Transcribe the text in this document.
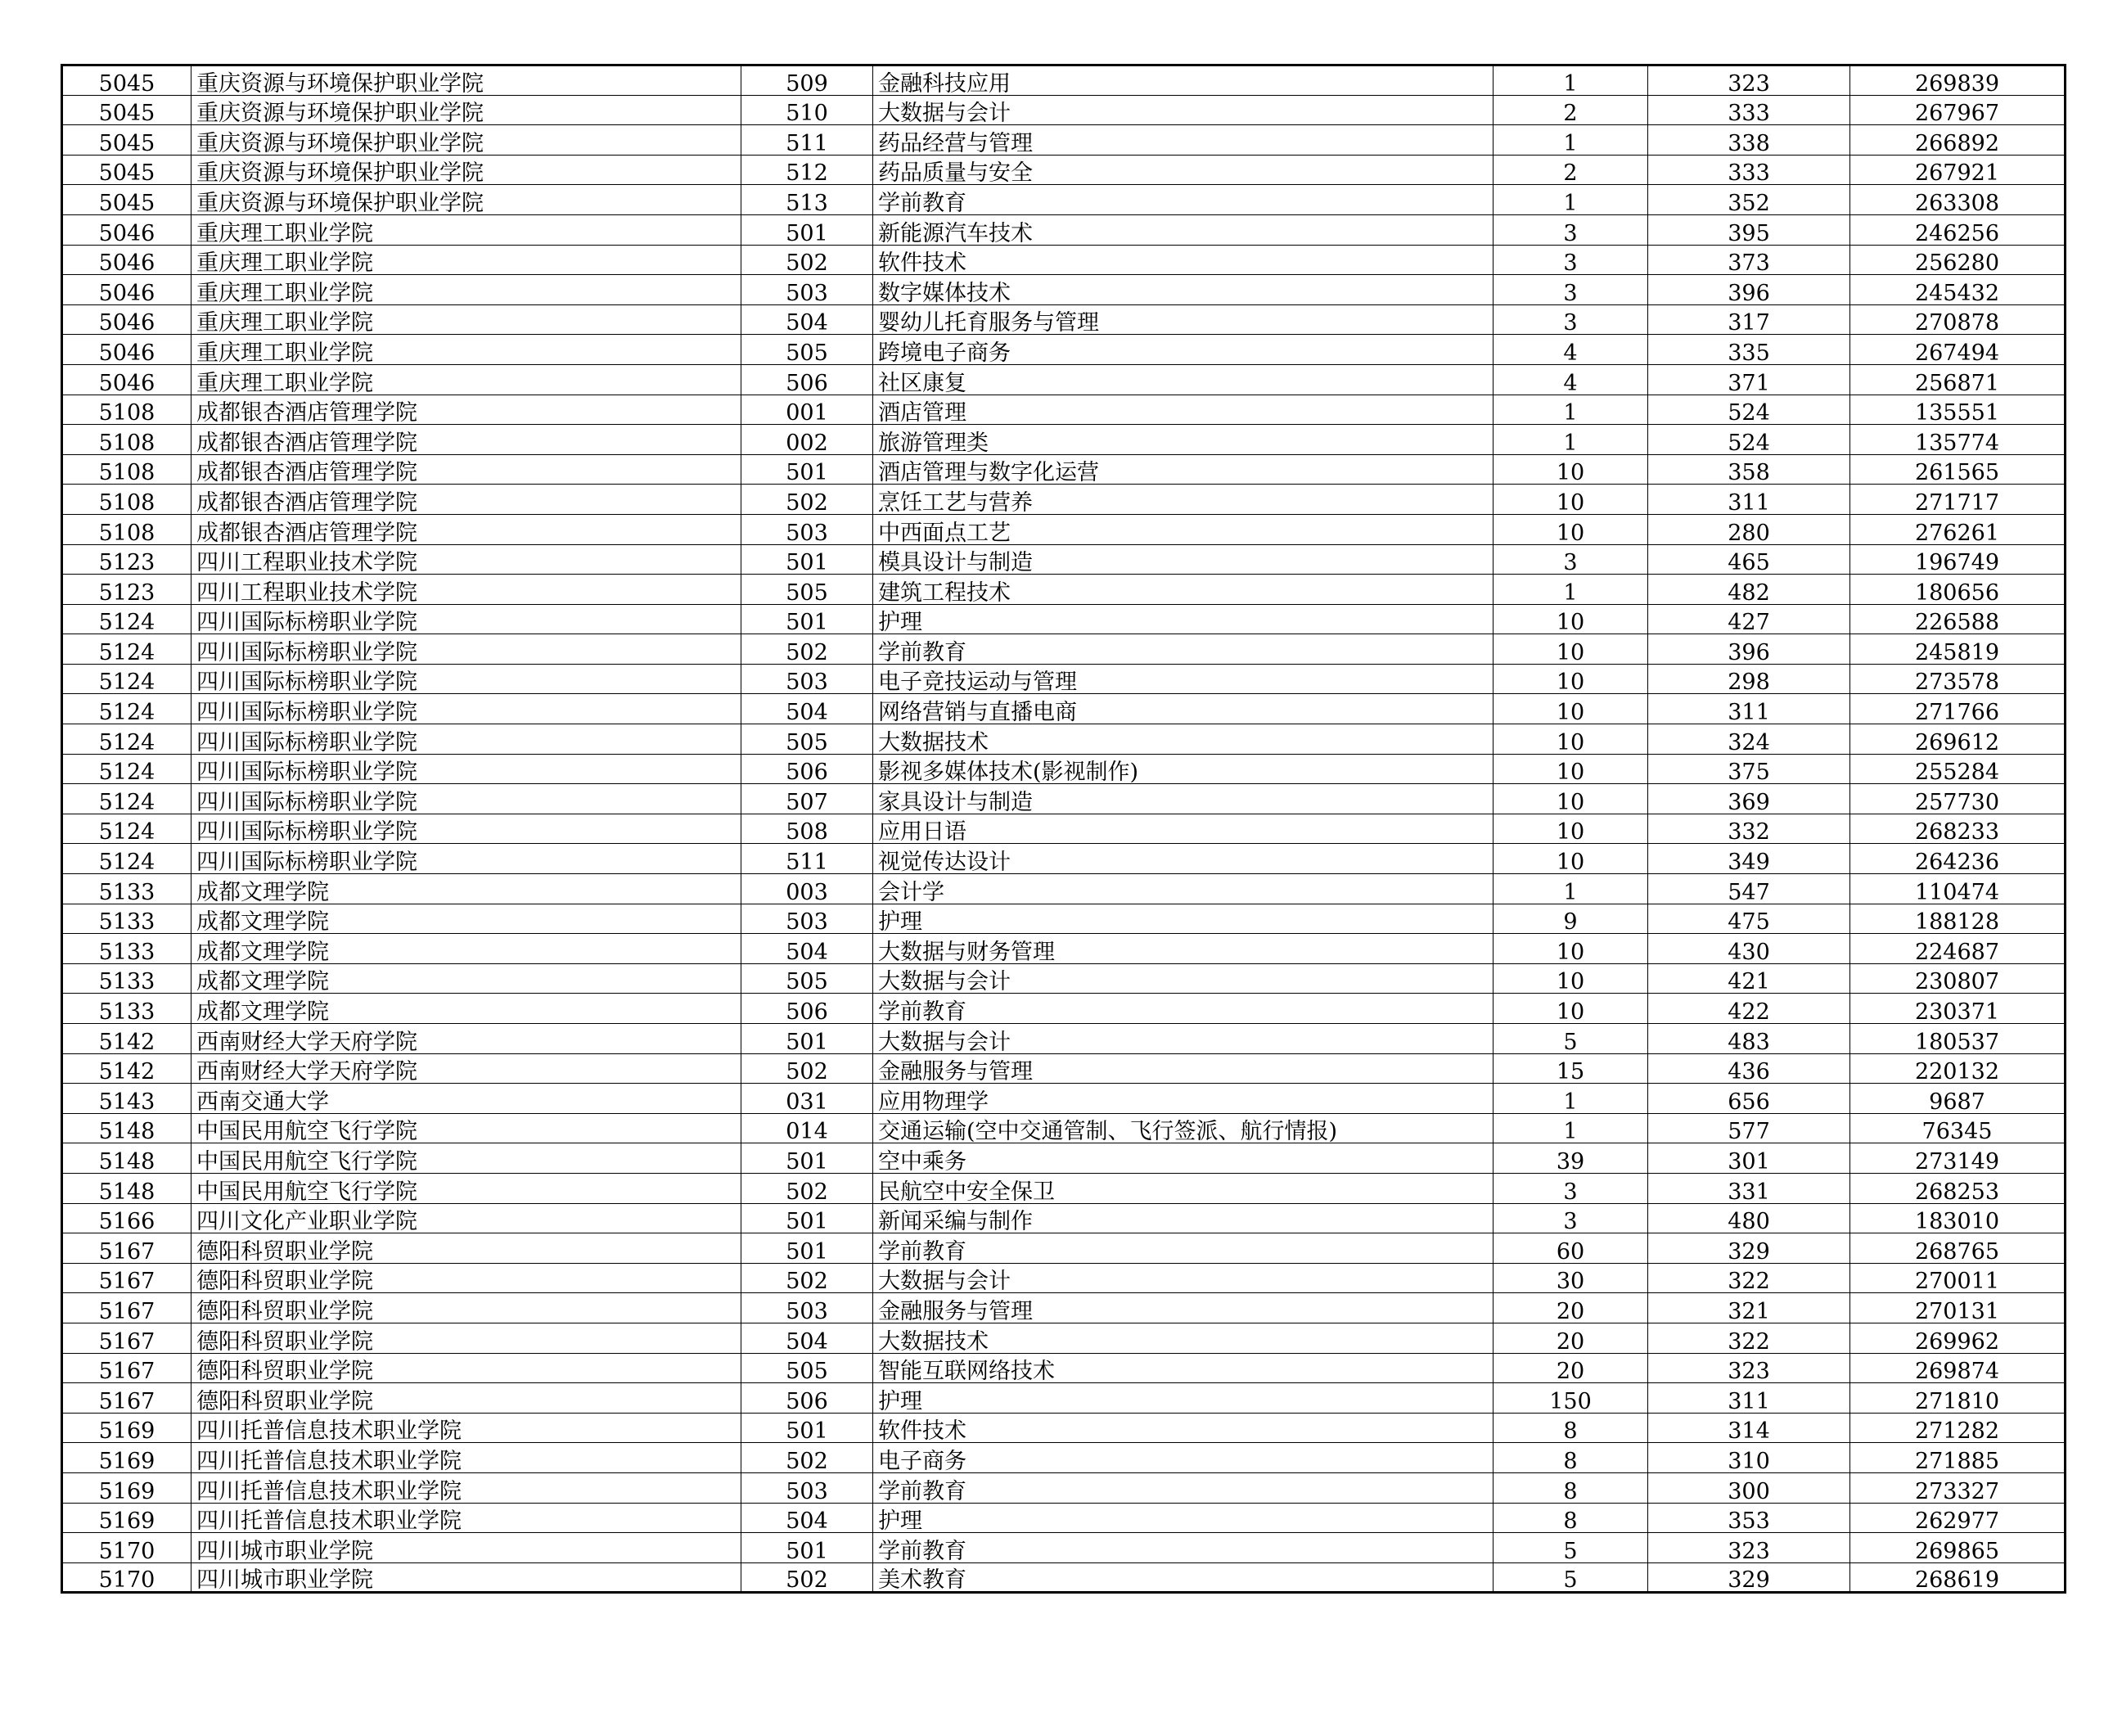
5045	重庆资源与环境保护职业学院	509	金融科技应用	1	323	269839
5045	重庆资源与环境保护职业学院	510	大数据与会计	2	333	267967
5045	重庆资源与环境保护职业学院	511	药品经营与管理	1	338	266892
5045	重庆资源与环境保护职业学院	512	药品质量与安全	2	333	267921
5045	重庆资源与环境保护职业学院	513	学前教育	1	352	263308
5046	重庆理工职业学院	501	新能源汽车技术	3	395	246256
5046	重庆理工职业学院	502	软件技术	3	373	256280
5046	重庆理工职业学院	503	数字媒体技术	3	396	245432
5046	重庆理工职业学院	504	婴幼儿托育服务与管理	3	317	270878
5046	重庆理工职业学院	505	跨境电子商务	4	335	267494
5046	重庆理工职业学院	506	社区康复	4	371	256871
5108	成都银杏酒店管理学院	001	酒店管理	1	524	135551
5108	成都银杏酒店管理学院	002	旅游管理类	1	524	135774
5108	成都银杏酒店管理学院	501	酒店管理与数字化运营	10	358	261565
5108	成都银杏酒店管理学院	502	烹饪工艺与营养	10	311	271717
5108	成都银杏酒店管理学院	503	中西面点工艺	10	280	276261
5123	四川工程职业技术学院	501	模具设计与制造	3	465	196749
5123	四川工程职业技术学院	505	建筑工程技术	1	482	180656
5124	四川国际标榜职业学院	501	护理	10	427	226588
5124	四川国际标榜职业学院	502	学前教育	10	396	245819
5124	四川国际标榜职业学院	503	电子竞技运动与管理	10	298	273578
5124	四川国际标榜职业学院	504	网络营销与直播电商	10	311	271766
5124	四川国际标榜职业学院	505	大数据技术	10	324	269612
5124	四川国际标榜职业学院	506	影视多媒体技术(影视制作)	10	375	255284
5124	四川国际标榜职业学院	507	家具设计与制造	10	369	257730
5124	四川国际标榜职业学院	508	应用日语	10	332	268233
5124	四川国际标榜职业学院	511	视觉传达设计	10	349	264236
5133	成都文理学院	003	会计学	1	547	110474
5133	成都文理学院	503	护理	9	475	188128
5133	成都文理学院	504	大数据与财务管理	10	430	224687
5133	成都文理学院	505	大数据与会计	10	421	230807
5133	成都文理学院	506	学前教育	10	422	230371
5142	西南财经大学天府学院	501	大数据与会计	5	483	180537
5142	西南财经大学天府学院	502	金融服务与管理	15	436	220132
5143	西南交通大学	031	应用物理学	1	656	9687
5148	中国民用航空飞行学院	014	交通运输(空中交通管制、飞行签派、航行情报)	1	577	76345
5148	中国民用航空飞行学院	501	空中乘务	39	301	273149
5148	中国民用航空飞行学院	502	民航空中安全保卫	3	331	268253
5166	四川文化产业职业学院	501	新闻采编与制作	3	480	183010
5167	德阳科贸职业学院	501	学前教育	60	329	268765
5167	德阳科贸职业学院	502	大数据与会计	30	322	270011
5167	德阳科贸职业学院	503	金融服务与管理	20	321	270131
5167	德阳科贸职业学院	504	大数据技术	20	322	269962
5167	德阳科贸职业学院	505	智能互联网络技术	20	323	269874
5167	德阳科贸职业学院	506	护理	150	311	271810
5169	四川托普信息技术职业学院	501	软件技术	8	314	271282
5169	四川托普信息技术职业学院	502	电子商务	8	310	271885
5169	四川托普信息技术职业学院	503	学前教育	8	300	273327
5169	四川托普信息技术职业学院	504	护理	8	353	262977
5170	四川城市职业学院	501	学前教育	5	323	269865
5170	四川城市职业学院	502	美术教育	5	329	268619
